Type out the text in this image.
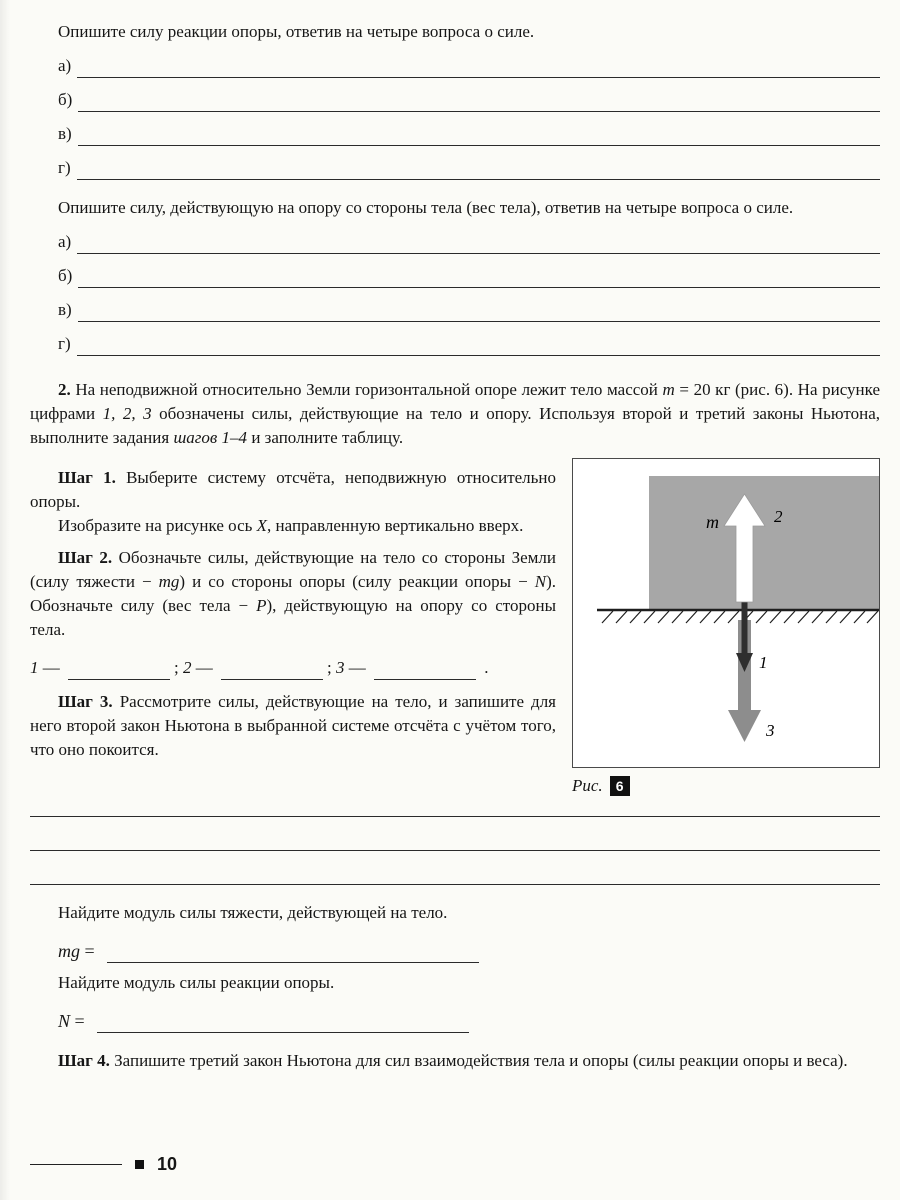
Опишите силу реакции опоры, ответив на четыре вопроса о силе.

а)
б)
в)
г)

Опишите силу, действующую на опору со стороны тела (вес тела), ответив на четыре вопроса о силе.

а)
б)
в)
г)

2. На неподвижной относительно Земли горизонтальной опоре лежит тело массой m = 20 кг (рис. 6). На рисунке цифрами 1, 2, 3 обозначены силы, действующие на тело и опору. Используя второй и третий законы Ньютона, выполните задания шагов 1–4 и заполните таблицу.

Шаг 1. Выберите систему отсчёта, неподвижную относительно опоры.

Изобразите на рисунке ось X, направленную вертикально вверх.

Шаг 2. Обозначьте силы, действующие на тело со стороны Земли (силу тяжести − mg) и со стороны опоры (силу реакции опоры − N). Обозначьте силу (вес тела − P), действующую на опору со стороны тела.

1 —	; 2 —	; 3 —	.

Шаг 3. Рассмотрите силы, действующие на тело, и запишите для него второй закон Ньютона в выбранной системе отсчёта с учётом того, что оно покоится.

m	2
1
3
Рис. 6

Найдите модуль силы тяжести, действующей на тело.

mg =

Найдите модуль силы реакции опоры.

N =

Шаг 4. Запишите третий закон Ньютона для сил взаимодействия тела и опоры (силы реакции опоры и веса).

10
